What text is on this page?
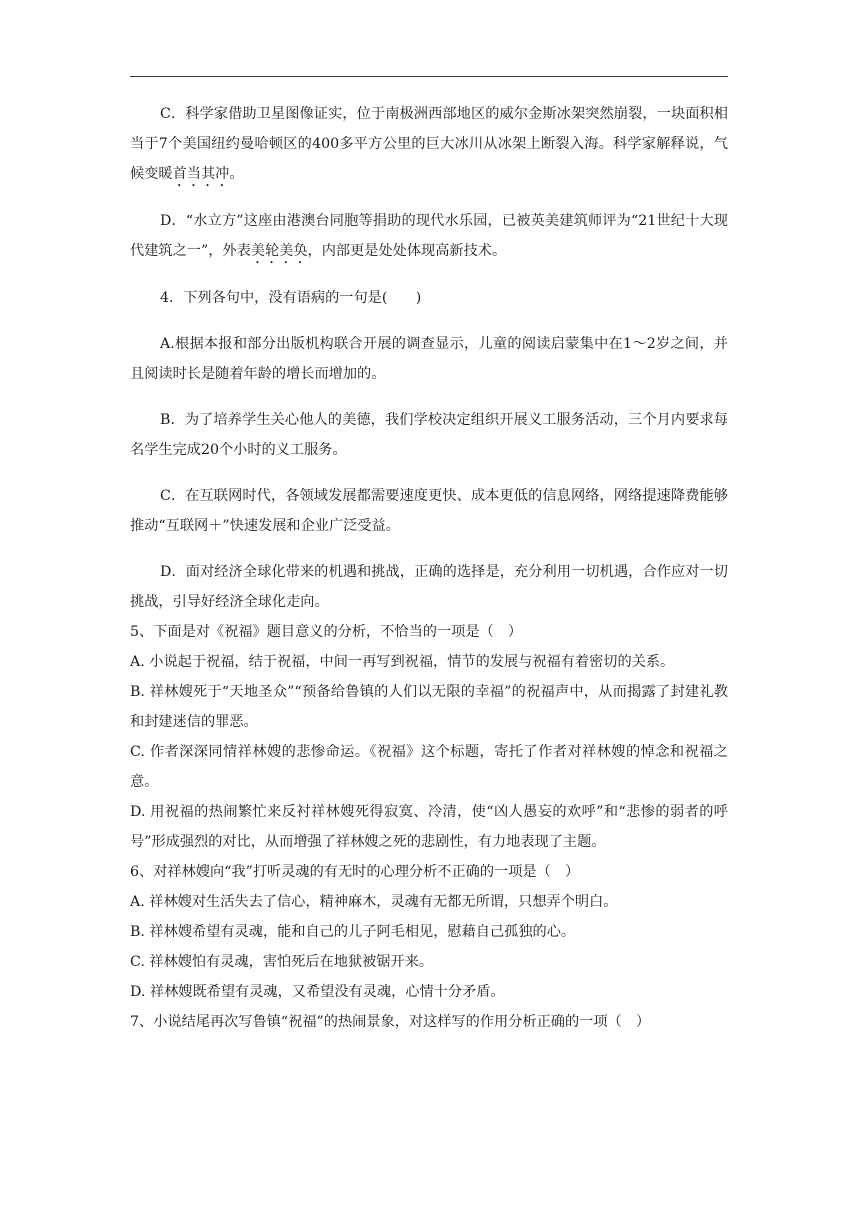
C．科学家借助卫星图像证实，位于南极洲西部地区的威尔金斯冰架突然崩裂，一块面积相当于7个美国纽约曼哈顿区的400多平方公里的巨大冰川从冰架上断裂入海。科学家解释说，气候变暖首当其冲。

D．“水立方”这座由港澳台同胞等捐助的现代水乐园，已被英美建筑师评为“21世纪十大现代建筑之一”，外表美轮美奂，内部更是处处体现高新技术。

4．下列各句中，没有语病的一句是(　　)

A.根据本报和部分出版机构联合开展的调查显示，儿童的阅读启蒙集中在1～2岁之间，并且阅读时长是随着年龄的增长而增加的。

B．为了培养学生关心他人的美德，我们学校决定组织开展义工服务活动，三个月内要求每名学生完成20个小时的义工服务。

C．在互联网时代，各领域发展都需要速度更快、成本更低的信息网络，网络提速降费能够推动“互联网＋”快速发展和企业广泛受益。

D．面对经济全球化带来的机遇和挑战，正确的选择是，充分利用一切机遇，合作应对一切挑战，引导好经济全球化走向。

5、下面是对《祝福》题目意义的分析，不恰当的一项是（　）

A. 小说起于祝福，结于祝福，中间一再写到祝福，情节的发展与祝福有着密切的关系。

B. 祥林嫂死于“天地圣众”“预备给鲁镇的人们以无限的幸福”的祝福声中，从而揭露了封建礼教和封建迷信的罪恶。

C. 作者深深同情祥林嫂的悲惨命运。《祝福》这个标题，寄托了作者对祥林嫂的悼念和祝福之意。

D. 用祝福的热闹繁忙来反衬祥林嫂死得寂寞、冷清，使“凶人愚妄的欢呼”和“悲惨的弱者的呼号”形成强烈的对比，从而增强了祥林嫂之死的悲剧性，有力地表现了主题。

6、对祥林嫂向“我”打听灵魂的有无时的心理分析不正确的一项是（　）

A. 祥林嫂对生活失去了信心，精神麻木，灵魂有无都无所谓，只想弄个明白。

B. 祥林嫂希望有灵魂，能和自己的儿子阿毛相见，慰藉自己孤独的心。

C. 祥林嫂怕有灵魂，害怕死后在地狱被锯开来。

D. 祥林嫂既希望有灵魂，又希望没有灵魂，心情十分矛盾。

7、小说结尾再次写鲁镇“祝福”的热闹景象，对这样写的作用分析正确的一项（　）
